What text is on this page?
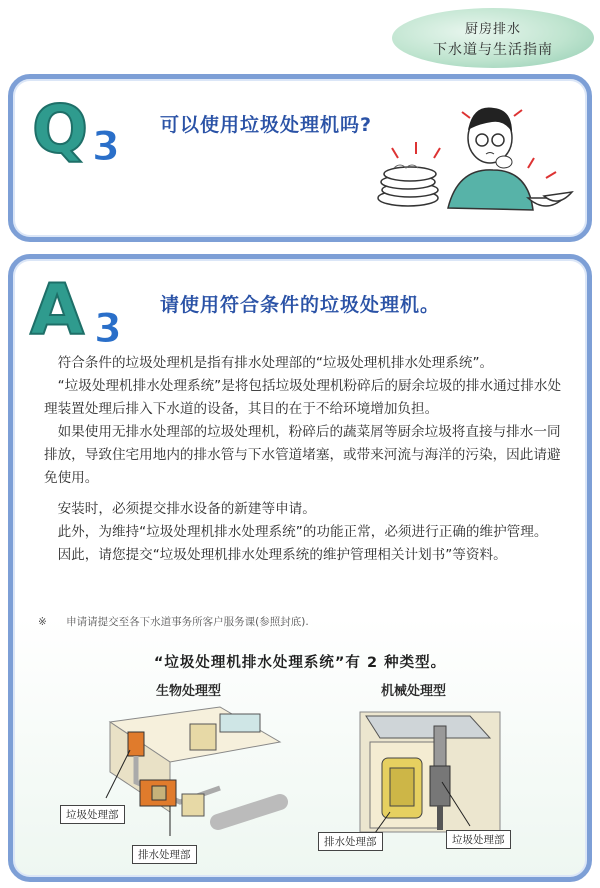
厨房排水
下水道与生活指南
Q 3 可以使用垃圾处理机吗?
A 3
请使用符合条件的垃圾处理机。

符合条件的垃圾处理机是指有排水处理部的“垃圾处理机排水处理系统”。

“垃圾处理机排水处理系统”是将包括垃圾处理机粉碎后的厨余垃圾的排水通过排水处理装置处理后排入下水道的设备，其目的在于不给环境增加负担。

如果使用无排水处理部的垃圾处理机，粉碎后的蔬菜屑等厨余垃圾将直接与排水一同排放，导致住宅用地内的排水管与下水管道堵塞，或带来河流与海洋的污染，因此请避免使用。

安装时，必须提交排水设备的新建等申请。

此外，为维持“垃圾处理机排水处理系统”的功能正常，必须进行正确的维护管理。

因此，请您提交“垃圾处理机排水处理系统的维护管理相关计划书”等资料。

※ 申请请提交至各下水道事务所客户服务课(参照封底).
“垃圾处理机排水处理系统”有 2 种类型。
生物处理型	机械处理型
垃圾处理部
排水处理部
排水处理部	垃圾处理部
